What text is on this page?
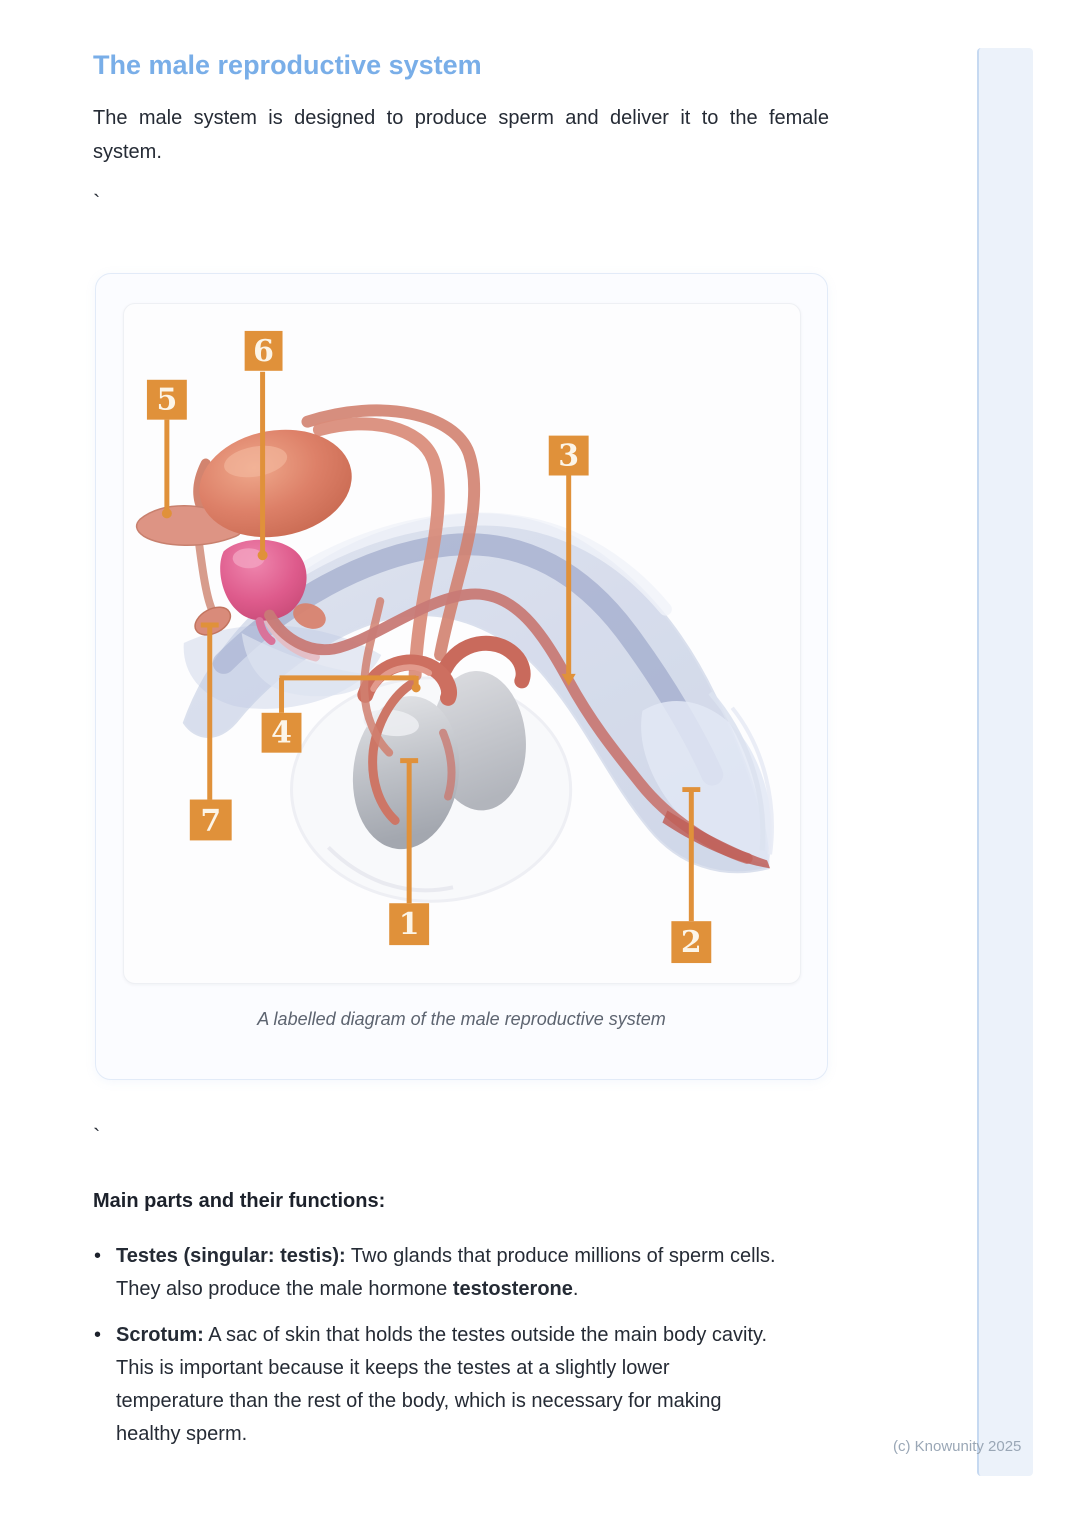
The male reproductive system
The male system is designed to produce sperm and deliver it to the female
system.
`
6
5
3
4
7
1
2
A labelled diagram of the male reproductive system
`
Main parts and their functions:
• Testes (singular: testis): Two glands that produce millions of sperm cells.
They also produce the male hormone testosterone.
• Scrotum: A sac of skin that holds the testes outside the main body cavity.
This is important because it keeps the testes at a slightly lower
temperature than the rest of the body, which is necessary for making
healthy sperm.
(c) Knowunity 2025
